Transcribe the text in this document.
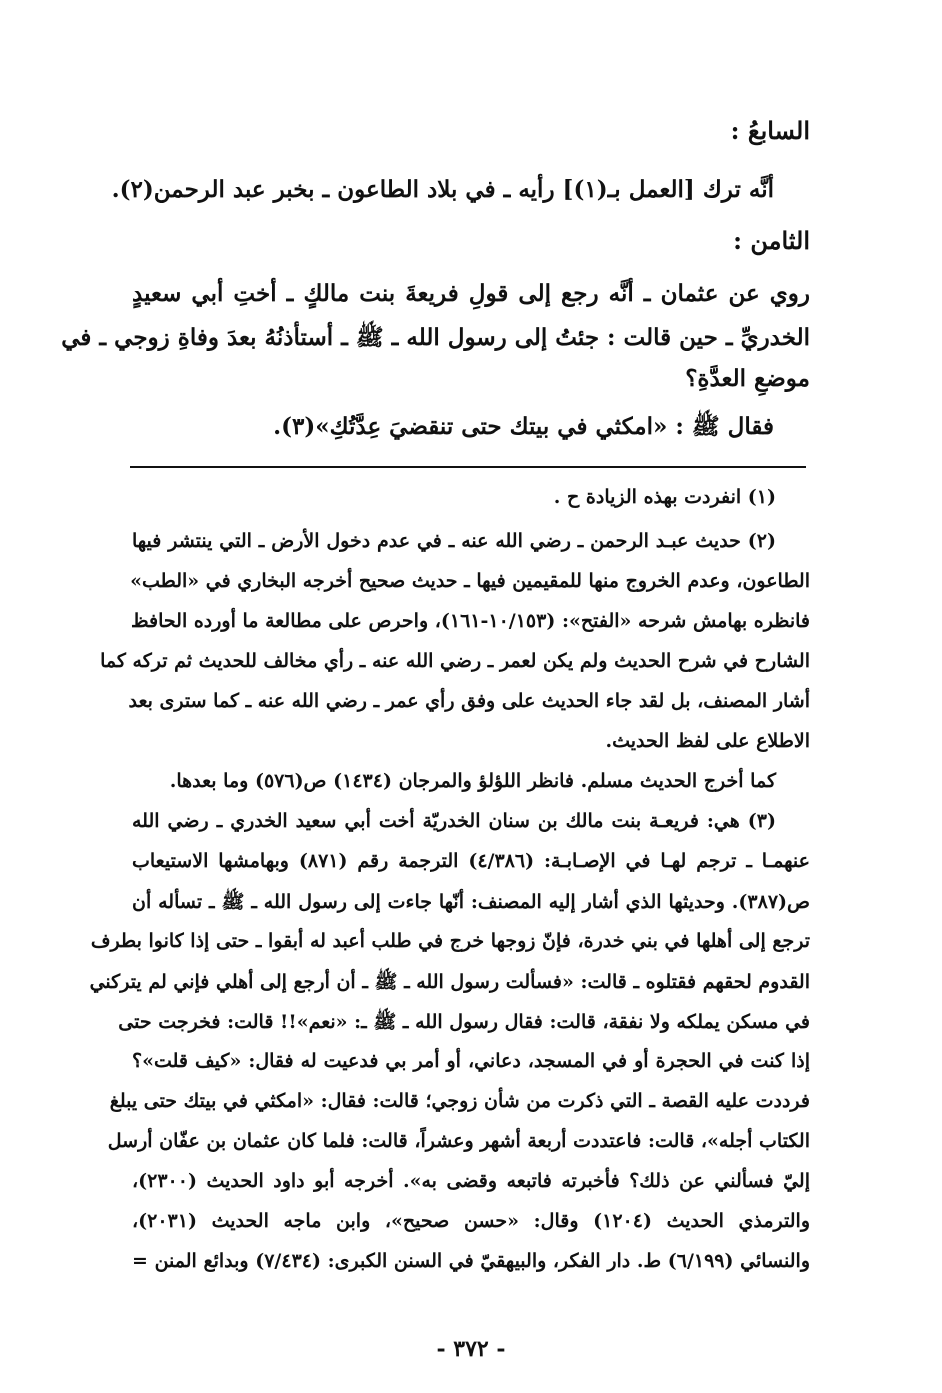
السابعُ :
أنَّه ترك [العمل بـ(١)] رأيه ـ في بلاد الطاعون ـ بخبر عبد الرحمن(٢).
الثامن :
روي عن عثمان ـ أنَّه رجع إلى قولِ فريعةَ بنت مالكٍ ـ أختِ أبي سعيدٍ
الخدريِّ ـ حين قالت : جئتُ إلى رسول الله ـ ﷺ ـ أستأذنُهُ بعدَ وفاةِ زوجي ـ في
موضعِ العدَّةِ؟
فقال ﷺ : «امكثي في بيتك حتى تنقضيَ عِدَّتُكِ»(٣).
(١) انفردت بهذه الزيادة ح .
(٢) حديث عبـد الرحمن ـ رضي الله عنه ـ في عدم دخول الأرض ـ التي ينتشر فيها
الطاعون، وعدم الخروج منها للمقيمين فيها ـ حديث صحيح أخرجه البخاري في «الطب»
فانظره بهامش شرحه «الفتح»: (١٠/١٥٣-١٦١)، واحرص على مطالعة ما أورده الحافظ
الشارح في شرح الحديث ولم يكن لعمر ـ رضي الله عنه ـ رأي مخالف للحديث ثم تركه كما
أشار المصنف، بل لقد جاء الحديث على وفق رأي عمر ـ رضي الله عنه ـ كما سترى بعد
الاطلاع على لفظ الحديث.
كما أخرج الحديث مسلم. فانظر اللؤلؤ والمرجان (١٤٣٤) ص(٥٧٦) وما بعدها.
(٣) هي: فريعـة بنت مالك بن سنان الخدريّة أخت أبي سعيد الخدري ـ رضي الله
عنهمـا ـ ترجم لهـا في الإصـابـة: (٤/٣٨٦) الترجمة رقم (٨٧١) وبهامشها الاستيعاب
ص(٣٨٧). وحديثها الذي أشار إليه المصنف: أنّها جاءت إلى رسول الله ـ ﷺ ـ تسأله أن
ترجع إلى أهلها في بني خدرة، فإنّ زوجها خرج في طلب أعبد له أبقوا ـ حتى إذا كانوا بطرف
القدوم لحقهم فقتلوه ـ قالت: «فسألت رسول الله ـ ﷺ ـ أن أرجع إلى أهلي فإني لم يتركني
في مسكن يملكه ولا نفقة، قالت: فقال رسول الله ـ ﷺ ـ: «نعم»!! قالت: فخرجت حتى
إذا كنت في الحجرة أو في المسجد، دعاني، أو أمر بي فدعيت له فقال: «كيف قلت»؟
فرددت عليه القصة ـ التي ذكرت من شأن زوجي؛ قالت: فقال: «امكثي في بيتك حتى يبلغ
الكتاب أجله»، قالت: فاعتددت أربعة أشهر وعشراً، قالت: فلما كان عثمان بن عفّان أرسل
إليّ فسألني عن ذلك؟ فأخبرته فاتبعه وقضى به». أخرجه أبو داود الحديث (٢٣٠٠)،
والترمذي الحديث (١٢٠٤) وقال: «حسن صحيح»، وابن ماجه الحديث (٢٠٣١)،
والنسائي (٦/١٩٩) ط. دار الفكر، والبيهقيّ في السنن الكبرى: (٧/٤٣٤) وبدائع المنن =
- ٣٧٢ -
